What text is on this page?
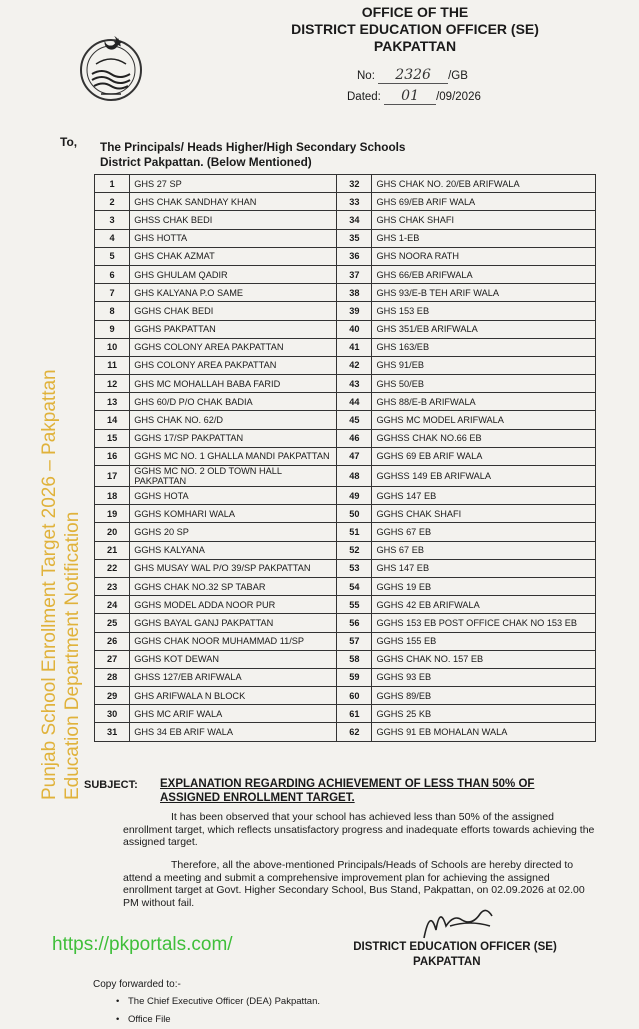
OFFICE OF THE
DISTRICT EDUCATION OFFICER (SE)
PAKPATTAN
No: 2326 /GB
Dated: 01 /09/2026
To, The Principals/ Heads Higher/High Secondary Schools
District Pakpattan. (Below Mentioned)
1	GHS 27 SP	32	GHS CHAK NO. 20/EB ARIFWALA
2	GHS CHAK SANDHAY KHAN	33	GHS 69/EB ARIF WALA
3	GHSS CHAK BEDI	34	GHS CHAK SHAFI
4	GHS HOTTA	35	GHS 1-EB
5	GHS CHAK AZMAT	36	GHS NOORA RATH
6	GHS GHULAM QADIR	37	GHS 66/EB ARIFWALA
7	GHS KALYANA P.O SAME	38	GHS 93/E-B TEH ARIF WALA
8	GGHS CHAK BEDI	39	GHS 153 EB
9	GGHS PAKPATTAN	40	GHS 351/EB ARIFWALA
10	GGHS COLONY AREA PAKPATTAN	41	GHS 163/EB
11	GHS COLONY AREA PAKPATTAN	42	GHS 91/EB
12	GHS MC MOHALLAH BABA FARID	43	GHS 50/EB
13	GHS 60/D P/O CHAK BADIA	44	GHS 88/E-B ARIFWALA
14	GHS CHAK NO. 62/D	45	GGHS MC MODEL ARIFWALA
15	GGHS 17/SP PAKPATTAN	46	GGHSS CHAK NO.66 EB
16	GGHS MC NO. 1 GHALLA MANDI PAKPATTAN	47	GGHS 69 EB ARIF WALA
17	GGHS MC NO. 2 OLD TOWN HALL PAKPATTAN	48	GGHSS 149 EB ARIFWALA
18	GGHS HOTA	49	GGHS 147 EB
19	GGHS KOMHARI WALA	50	GGHS CHAK SHAFI
20	GGHS 20 SP	51	GGHS 67 EB
21	GGHS KALYANA	52	GHS 67 EB
22	GHS MUSAY WAL P/O 39/SP PAKPATTAN	53	GHS 147 EB
23	GGHS CHAK NO.32 SP TABAR	54	GGHS 19 EB
24	GGHS MODEL ADDA NOOR PUR	55	GGHS 42 EB ARIFWALA
25	GGHS BAYAL GANJ PAKPATTAN	56	GGHS 153 EB POST OFFICE CHAK NO 153 EB
26	GGHS CHAK NOOR MUHAMMAD 11/SP	57	GGHS 155 EB
27	GGHS KOT DEWAN	58	GGHS CHAK NO. 157 EB
28	GHSS 127/EB ARIFWALA	59	GGHS 93 EB
29	GHS ARIFWALA N BLOCK	60	GGHS 89/EB
30	GHS MC ARIF WALA	61	GGHS 25 KB
31	GHS 34 EB ARIF WALA	62	GGHS 91 EB MOHALAN WALA
SUBJECT: EXPLANATION REGARDING ACHIEVEMENT OF LESS THAN 50% OF
ASSIGNED ENROLLMENT TARGET.
It has been observed that your school has achieved less than 50% of the assigned enrollment target, which reflects unsatisfactory progress and inadequate efforts towards achieving the assigned target.
Therefore, all the above-mentioned Principals/Heads of Schools are hereby directed to attend a meeting and submit a comprehensive improvement plan for achieving the assigned enrollment target at Govt. Higher Secondary School, Bus Stand, Pakpattan, on 02.09.2026 at 02.00 PM without fail.
Punjab School Enrollment Target 2026 – Pakpattan Education Department Notification
https://pkportals.com/	DISTRICT EDUCATION OFFICER (SE)
PAKPATTAN
Copy forwarded to:-
• The Chief Executive Officer (DEA) Pakpattan.
• Office File
